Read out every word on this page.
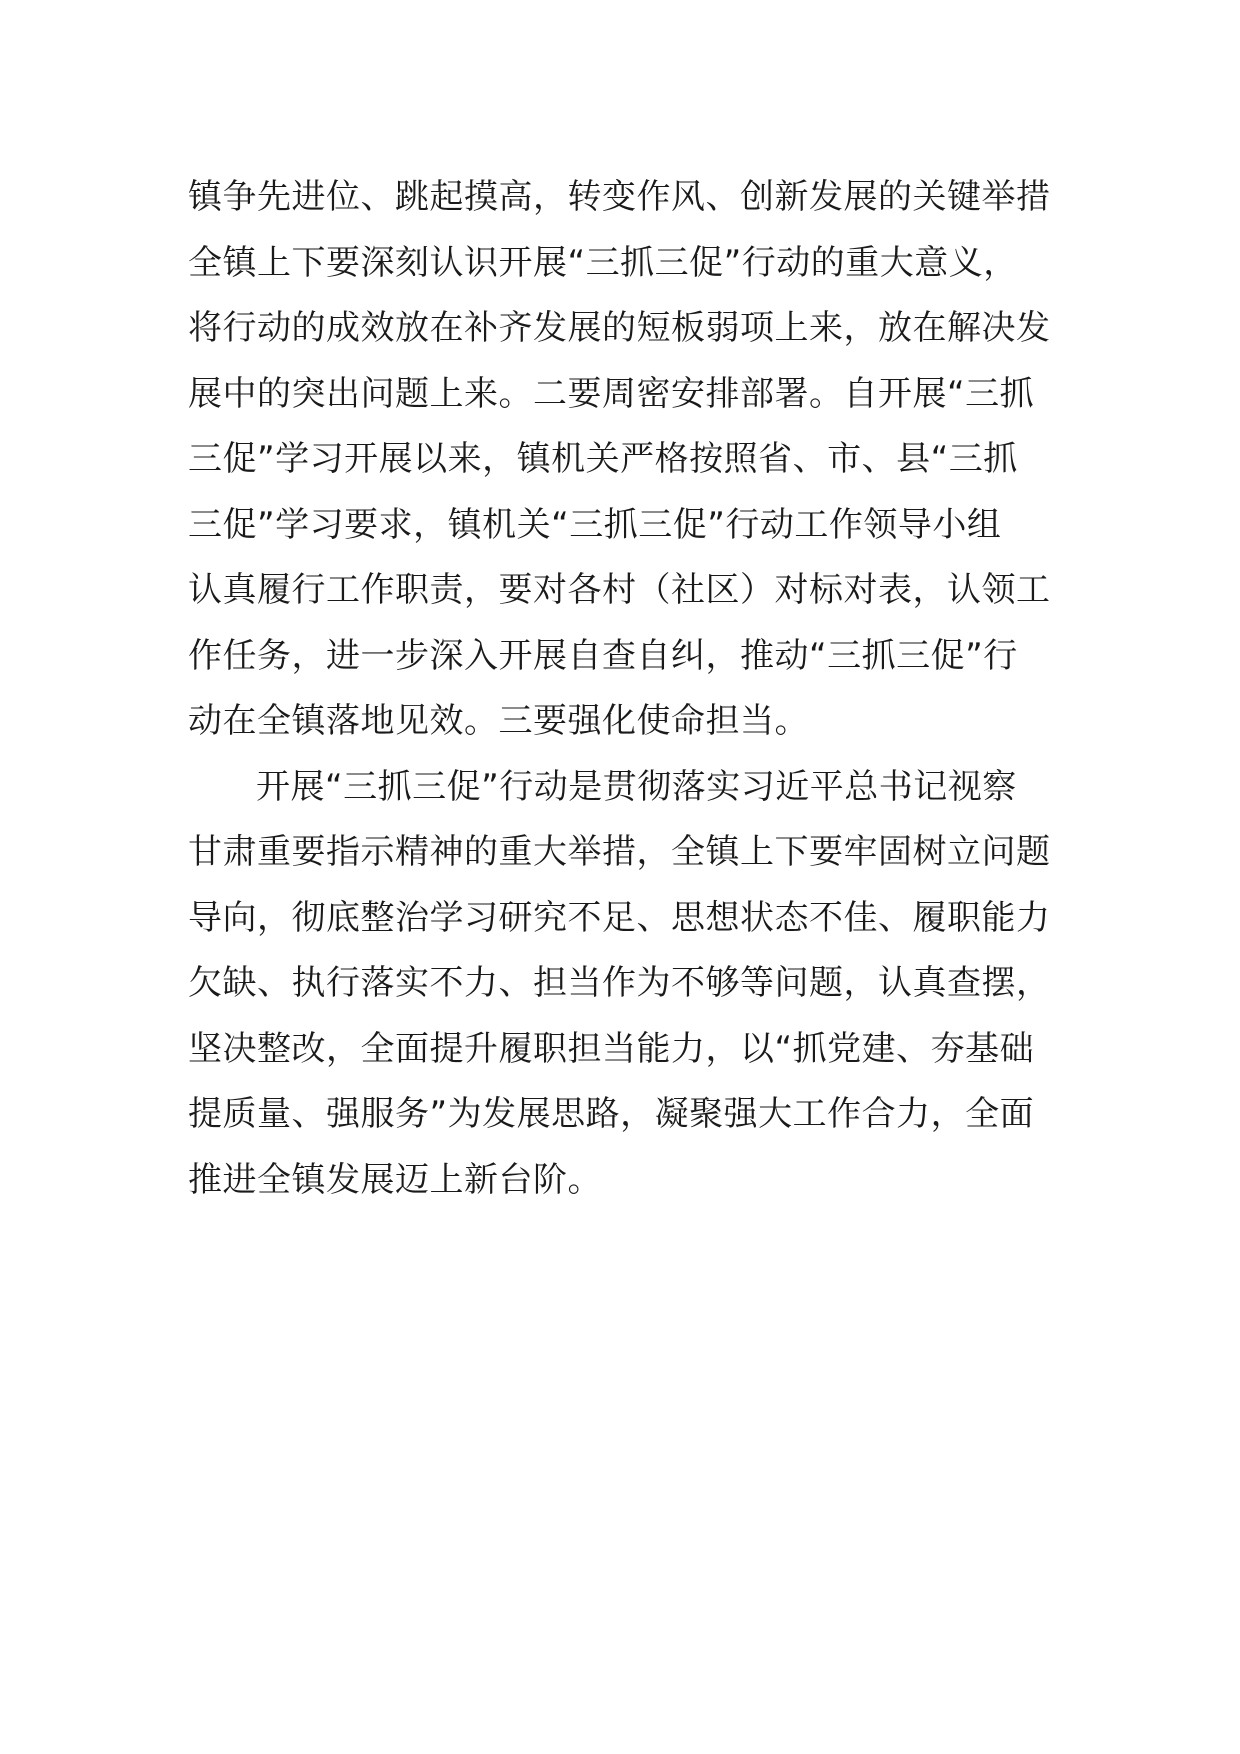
镇争先进位、跳起摸高，转变作风、创新发展的关键举措
全镇上下要深刻认识开展“三抓三促”行动的重大意义，
将行动的成效放在补齐发展的短板弱项上来，放在解决发
展中的突出问题上来。二要周密安排部署。自开展“三抓
三促”学习开展以来，镇机关严格按照省、市、县“三抓
三促”学习要求，镇机关“三抓三促”行动工作领导小组
认真履行工作职责，要对各村（社区）对标对表，认领工
作任务，进一步深入开展自查自纠，推动“三抓三促”行
动在全镇落地见效。三要强化使命担当。
开展“三抓三促”行动是贯彻落实习近平总书记视察
甘肃重要指示精神的重大举措，全镇上下要牢固树立问题
导向，彻底整治学习研究不足、思想状态不佳、履职能力
欠缺、执行落实不力、担当作为不够等问题，认真查摆，
坚决整改，全面提升履职担当能力，以“抓党建、夯基础
提质量、强服务”为发展思路，凝聚强大工作合力，全面
推进全镇发展迈上新台阶。
